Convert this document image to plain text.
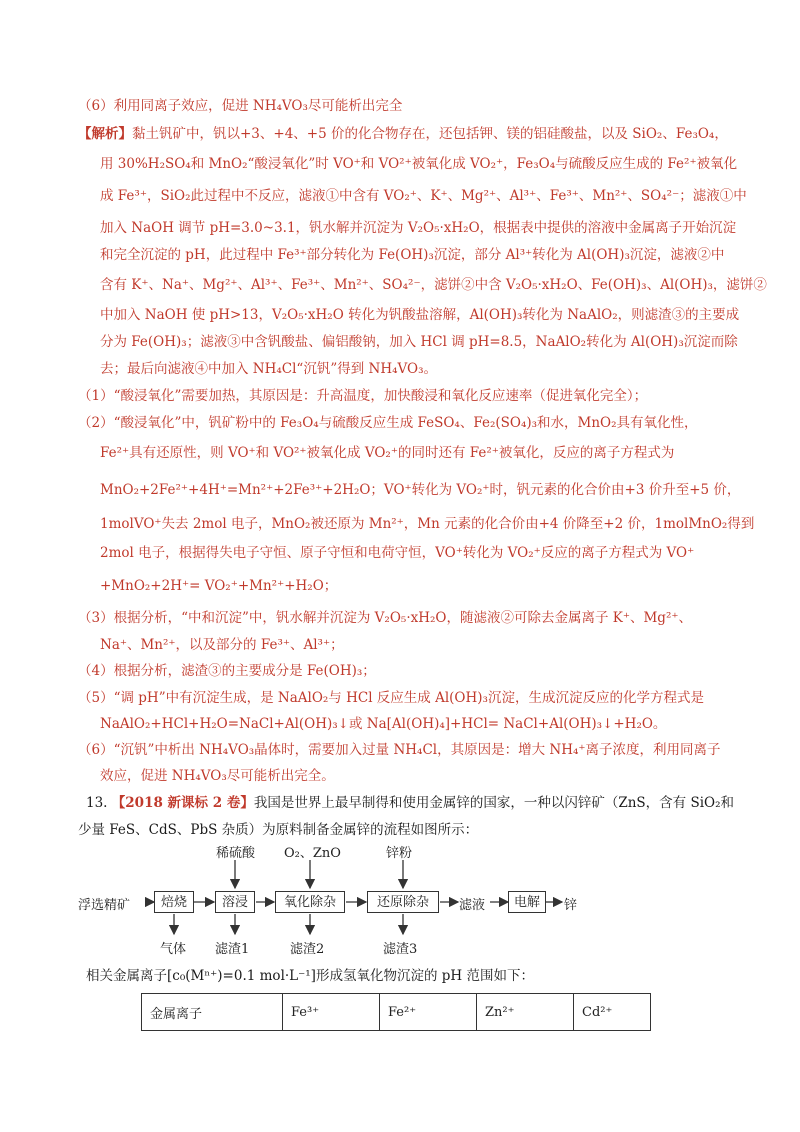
（6）利用同离子效应，促进 NH₄VO₃尽可能析出完全
【解析】黏土钒矿中，钒以+3、+4、+5 价的化合物存在，还包括钾、镁的铝硅酸盐，以及 SiO₂、Fe₃O₄，
用 30%H₂SO₄和 MnO₂“酸浸氧化”时 VO⁺和 VO²⁺被氧化成 VO₂⁺，Fe₃O₄与硫酸反应生成的 Fe²⁺被氧化
成 Fe³⁺，SiO₂此过程中不反应，滤液①中含有 VO₂⁺、K⁺、Mg²⁺、Al³⁺、Fe³⁺、Mn²⁺、SO₄²⁻；滤液①中
加入 NaOH 调节 pH=3.0~3.1，钒水解并沉淀为 V₂O₅·xH₂O，根据表中提供的溶液中金属离子开始沉淀
和完全沉淀的 pH，此过程中 Fe³⁺部分转化为 Fe(OH)₃沉淀，部分 Al³⁺转化为 Al(OH)₃沉淀，滤液②中
含有 K⁺、Na⁺、Mg²⁺、Al³⁺、Fe³⁺、Mn²⁺、SO₄²⁻，滤饼②中含 V₂O₅·xH₂O、Fe(OH)₃、Al(OH)₃，滤饼②
中加入 NaOH 使 pH>13，V₂O₅·xH₂O 转化为钒酸盐溶解，Al(OH)₃转化为 NaAlO₂，则滤渣③的主要成
分为 Fe(OH)₃；滤液③中含钒酸盐、偏铝酸钠，加入 HCl 调 pH=8.5，NaAlO₂转化为 Al(OH)₃沉淀而除
去；最后向滤液④中加入 NH₄Cl“沉钒”得到 NH₄VO₃。
（1）“酸浸氧化”需要加热，其原因是：升高温度，加快酸浸和氧化反应速率（促进氧化完全）；
（2）“酸浸氧化”中，钒矿粉中的 Fe₃O₄与硫酸反应生成 FeSO₄、Fe₂(SO₄)₃和水，MnO₂具有氧化性，
Fe²⁺具有还原性，则 VO⁺和 VO²⁺被氧化成 VO₂⁺的同时还有 Fe²⁺被氧化，反应的离子方程式为
MnO₂+2Fe²⁺+4H⁺=Mn²⁺+2Fe³⁺+2H₂O；VO⁺转化为 VO₂⁺时，钒元素的化合价由+3 价升至+5 价，
1molVO⁺失去 2mol 电子，MnO₂被还原为 Mn²⁺，Mn 元素的化合价由+4 价降至+2 价，1molMnO₂得到
2mol 电子，根据得失电子守恒、原子守恒和电荷守恒，VO⁺转化为 VO₂⁺反应的离子方程式为 VO⁺
+MnO₂+2H⁺= VO₂⁺+Mn²⁺+H₂O；
（3）根据分析，“中和沉淀”中，钒水解并沉淀为 V₂O₅·xH₂O，随滤液②可除去金属离子 K⁺、Mg²⁺、
Na⁺、Mn²⁺，以及部分的 Fe³⁺、Al³⁺；
（4）根据分析，滤渣③的主要成分是 Fe(OH)₃；
（5）“调 pH”中有沉淀生成，是 NaAlO₂与 HCl 反应生成 Al(OH)₃沉淀，生成沉淀反应的化学方程式是
NaAlO₂+HCl+H₂O=NaCl+Al(OH)₃↓或 Na[Al(OH)₄]+HCl= NaCl+Al(OH)₃↓+H₂O。
（6）“沉钒”中析出 NH₄VO₃晶体时，需要加入过量 NH₄Cl，其原因是：增大 NH₄⁺离子浓度，利用同离子
效应，促进 NH₄VO₃尽可能析出完全。
13. 【2018 新课标 2 卷】我国是世界上最早制得和使用金属锌的国家，一种以闪锌矿（ZnS，含有 SiO₂和
少量 FeS、CdS、PbS 杂质）为原料制备金属锌的流程如图所示：
浮选精矿	焙烧	溶浸	氧化除杂	还原除杂	滤液	电解	锌
稀硫酸 O₂、ZnO	锌粉
气体 滤渣1	滤渣2	滤渣3
相关金属离子[c₀(Mⁿ⁺)=0.1 mol·L⁻¹]形成氢氧化物沉淀的 pH 范围如下：
金属离子	Fe³⁺	Fe²⁺	Zn²⁺	Cd²⁺
